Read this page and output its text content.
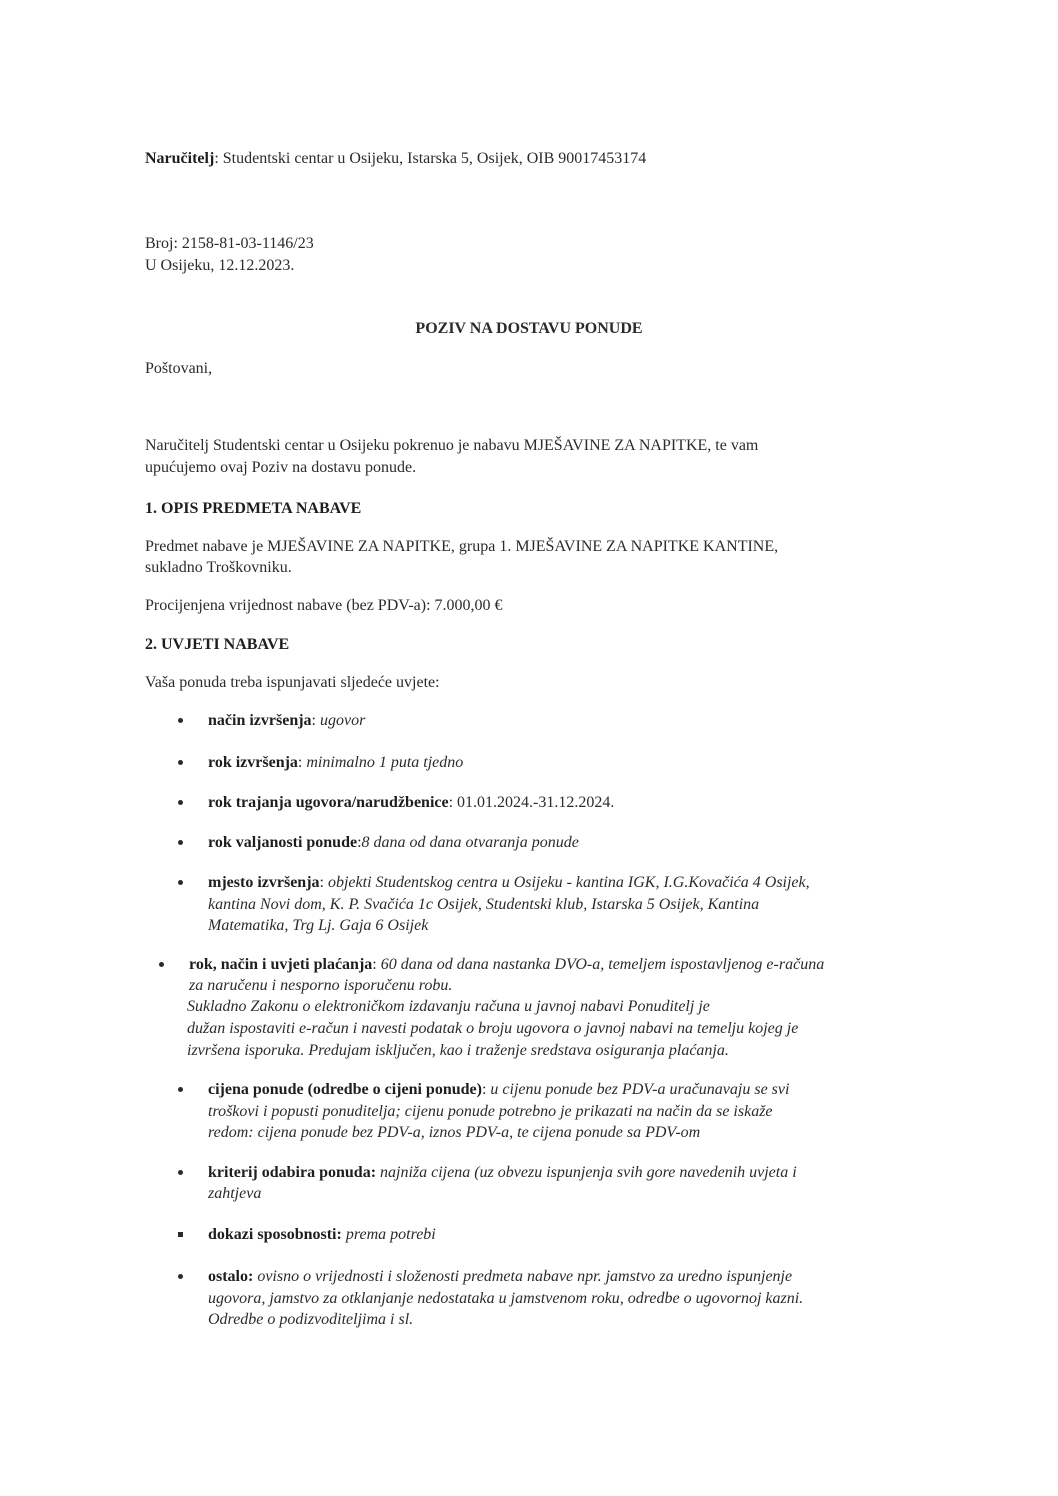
Naručitelj: Studentski centar u Osijeku, Istarska 5, Osijek, OIB 90017453174
Broj: 2158-81-03-1146/23
U Osijeku, 12.12.2023.
POZIV NA DOSTAVU PONUDE
Poštovani,
Naručitelj Studentski centar u Osijeku pokrenuo je nabavu MJEŠAVINE ZA NAPITKE, te vam
upućujemo ovaj Poziv na dostavu ponude.
1. OPIS PREDMETA NABAVE
Predmet nabave je MJEŠAVINE ZA NAPITKE, grupa 1. MJEŠAVINE ZA NAPITKE KANTINE,
sukladno Troškovniku.
Procijenjena vrijednost nabave (bez PDV-a): 7.000,00 €
2. UVJETI NABAVE
Vaša ponuda treba ispunjavati sljedeće uvjete:
način izvršenja: ugovor
rok izvršenja: minimalno 1 puta tjedno
rok trajanja ugovora/narudžbenice: 01.01.2024.-31.12.2024.
rok valjanosti ponude:8 dana od dana otvaranja ponude
mjesto izvršenja: objekti Studentskog centra u Osijeku - kantina IGK, I.G.Kovačića 4 Osijek,
kantina Novi dom, K. P. Svačića 1c Osijek, Studentski klub, Istarska 5 Osijek, Kantina
Matematika, Trg Lj. Gaja 6 Osijek
rok, način i uvjeti plaćanja: 60 dana od dana nastanka DVO-a, temeljem ispostavljenog e-računa
za naručenu i nesporno isporučenu robu.
Sukladno Zakonu o elektroničkom izdavanju računa u javnoj nabavi Ponuditelj je
dužan ispostaviti e-račun i navesti podatak o broju ugovora o javnoj nabavi na temelju kojeg je
izvršena isporuka. Predujam isključen, kao i traženje sredstava osiguranja plaćanja.
cijena ponude (odredbe o cijeni ponude): u cijenu ponude bez PDV-a uračunavaju se svi
troškovi i popusti ponuditelja; cijenu ponude potrebno je prikazati na način da se iskaže
redom: cijena ponude bez PDV-a, iznos PDV-a, te cijena ponude sa PDV-om
kriterij odabira ponuda: najniža cijena (uz obvezu ispunjenja svih gore navedenih uvjeta i
zahtjeva
dokazi sposobnosti: prema potrebi
ostalo: ovisno o vrijednosti i složenosti predmeta nabave npr. jamstvo za uredno ispunjenje
ugovora, jamstvo za otklanjanje nedostataka u jamstvenom roku, odredbe o ugovornoj kazni.
Odredbe o podizvoditeljima i sl.
